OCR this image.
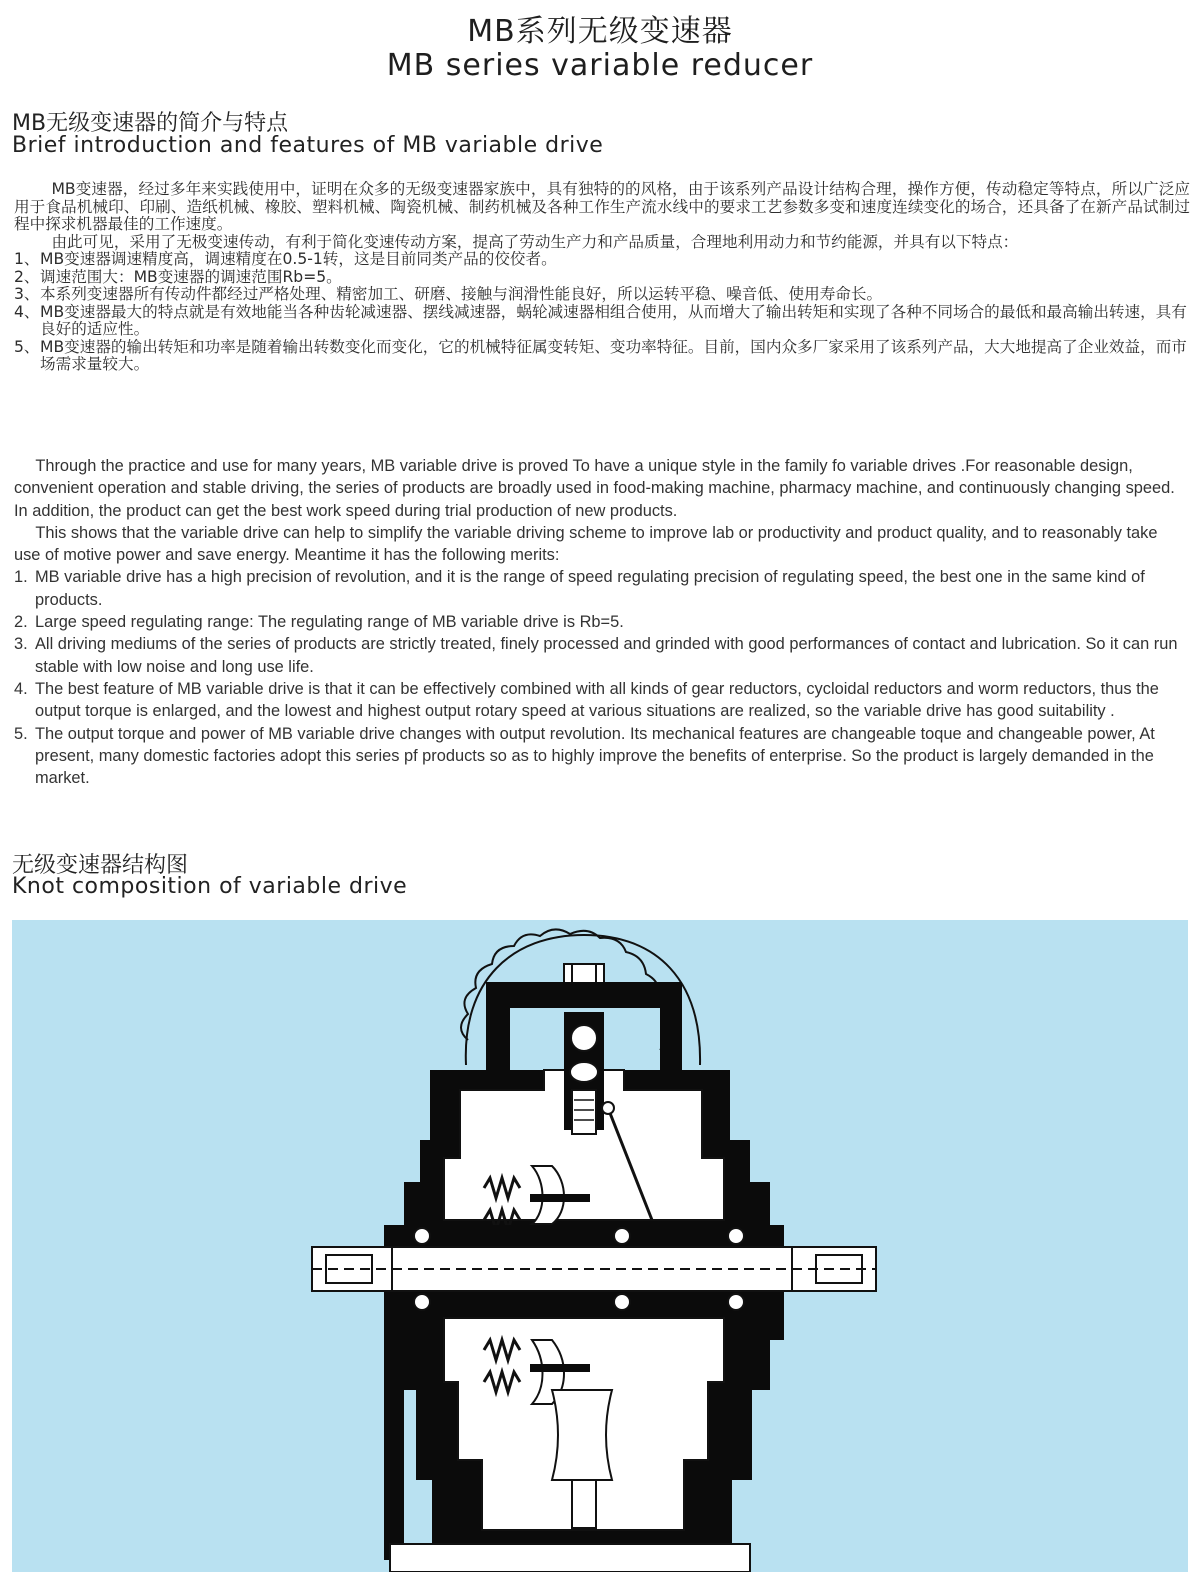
MB系列无级变速器
MB series variable reducer
MB无级变速器的简介与特点
Brief introduction and features of MB variable drive

MB变速器，经过多年来实践使用中，证明在众多的无级变速器家族中，具有独特的的风格，由于该系列产品设计结构合理，操作方便，传动稳定等特点，所以广泛应用于食品机械印、印刷、造纸机械、橡胶、塑料机械、陶瓷机械、制药机械及各种工作生产流水线中的要求工艺参数多变和速度连续变化的场合，还具备了在新产品试制过程中探求机器最佳的工作速度。

由此可见，采用了无极变速传动，有利于简化变速传动方案，提高了劳动生产力和产品质量，合理地利用动力和节约能源，并具有以下特点：

1、 MB变速器调速精度高，调速精度在0.5-1转，这是目前同类产品的佼佼者。
2、 调速范围大：MB变速器的调速范围Rb=5。
3、 本系列变速器所有传动件都经过严格处理、精密加工、研磨、接触与润滑性能良好，所以运转平稳、噪音低、使用寿命长。
4、 MB变速器最大的特点就是有效地能当各种齿轮减速器、摆线减速器，蜗轮减速器相组合使用，从而增大了输出转矩和实现了各种不同场合的最低和最高输出转速，具有良好的适应性。
5、 MB变速器的输出转矩和功率是随着输出转数变化而变化，它的机械特征属变转矩、变功率特征。目前，国内众多厂家采用了该系列产品，大大地提高了企业效益，而市场需求量较大。

Through the practice and use for many years, MB variable drive is proved To have a unique style in the family fo variable drives .For reasonable design, convenient operation and stable driving, the series of products are broadly used in food-making machine, pharmacy machine, and continuously changing speed. In addition, the product can get the best work speed during trial production of new products.

This shows that the variable drive can help to simplify the variable driving scheme to improve lab or productivity and product quality, and to reasonably take use of motive power and save energy. Meantime it has the following merits:

1. MB variable drive has a high precision of revolution, and it is the range of speed regulating precision of regulating speed, the best one in the same kind of products.
2. Large speed regulating range: The regulating range of MB variable drive is Rb=5.
3. All driving mediums of the series of products are strictly treated, finely processed and grinded with good performances of contact and lubrication. So it can run stable with low noise and long use life.
4. The best feature of MB variable drive is that it can be effectively combined with all kinds of gear reductors, cycloidal reductors and worm reductors, thus the output torque is enlarged, and the lowest and highest output rotary speed at various situations are realized, so the variable drive has good suitability .
5. The output torque and power of MB variable drive changes with output revolution. Its mechanical features are changeable toque and changeable power, At present, many domestic factories adopt this series pf products so as to highly improve the benefits of enterprise. So the product is largely demanded in the market.
无级变速器结构图
Knot composition of variable drive
